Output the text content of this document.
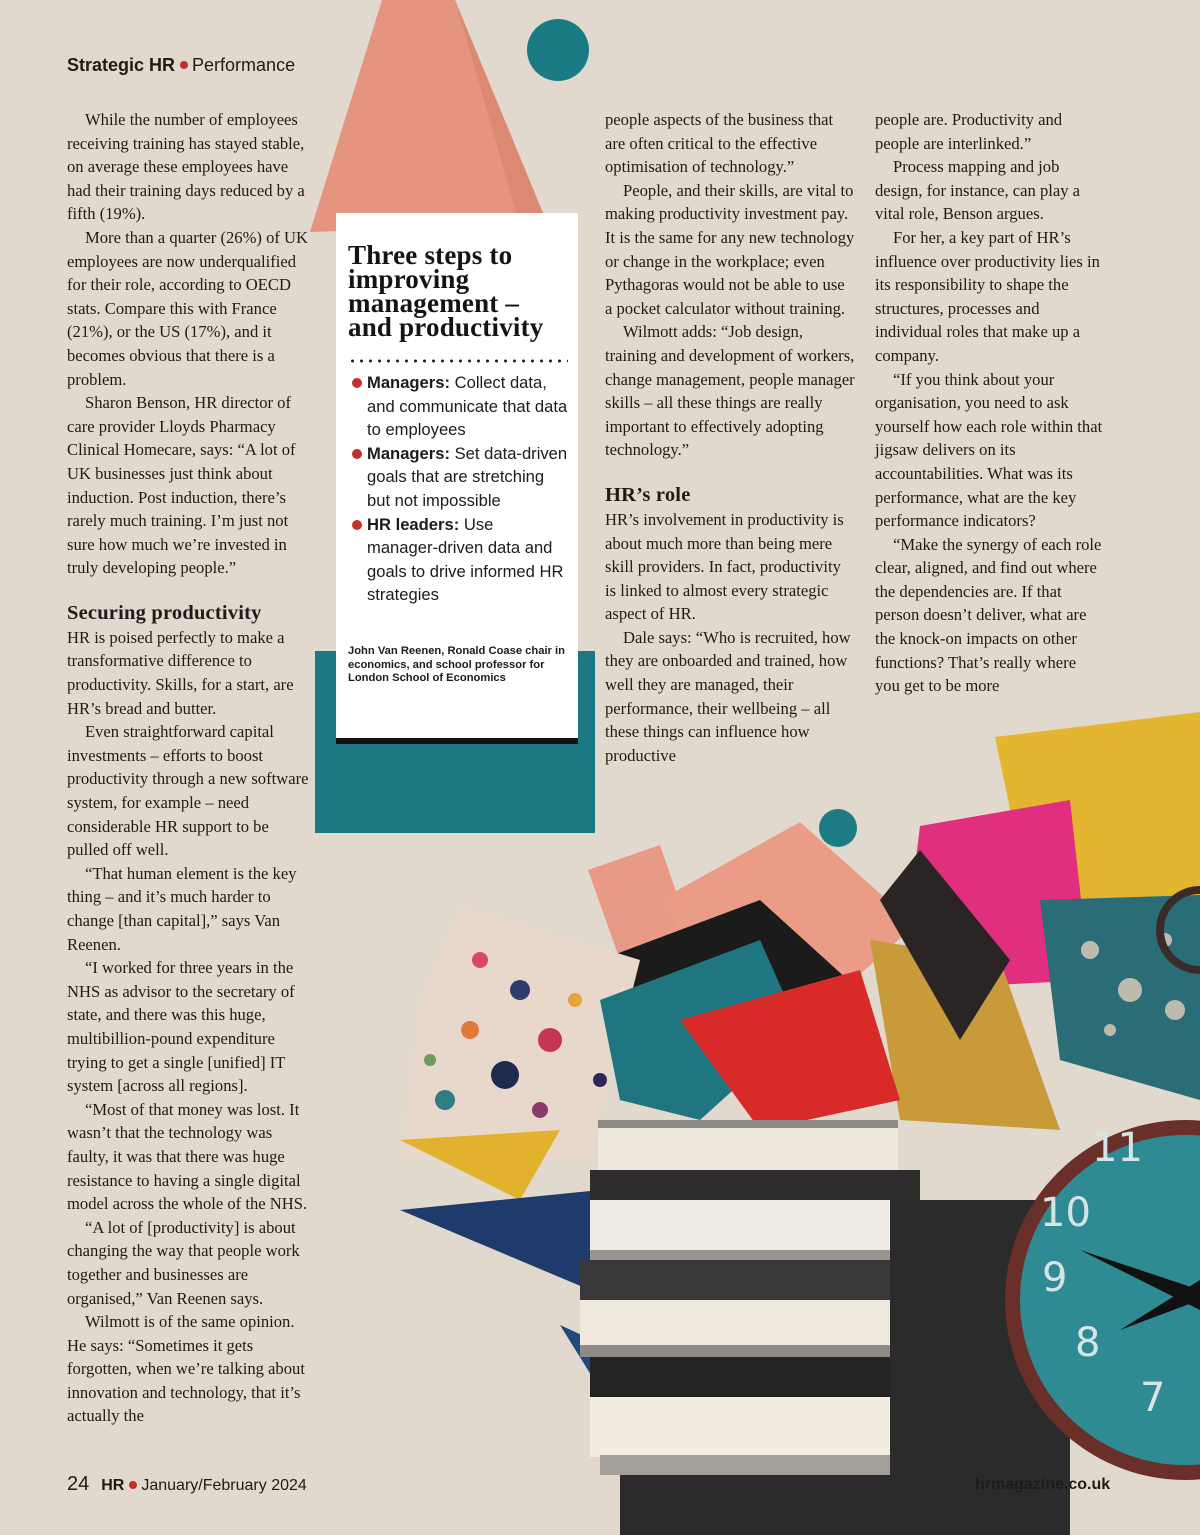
Strategic HR Performance

While the number of employees receiving training has stayed stable, on average these employees have had their training days reduced by a fifth (19%).

More than a quarter (26%) of UK employees are now underqualified for their role, according to OECD stats. Compare this with France (21%), or the US (17%), and it becomes obvious that there is a problem.

Sharon Benson, HR director of care provider Lloyds Pharmacy Clinical Homecare, says: “A lot of UK businesses just think about induction. Post induction, there’s rarely much training. I’m just not sure how much we’re invested in truly developing people.”

Securing productivity

HR is poised perfectly to make a transformative difference to productivity. Skills, for a start, are HR’s bread and butter.

Even straightforward capital investments – efforts to boost productivity through a new software system, for example – need considerable HR support to be pulled off well.

“That human element is the key thing – and it’s much harder to change [than capital],” says Van Reenen.

“I worked for three years in the NHS as advisor to the secretary of state, and there was this huge, multibillion-pound expenditure trying to get a single [unified] IT system [across all regions].

“Most of that money was lost. It wasn’t that the technology was faulty, it was that there was huge resistance to having a single digital model across the whole of the NHS.

“A lot of [productivity] is about changing the way that people work together and businesses are organised,” Van Reenen says.

Wilmott is of the same opinion. He says: “Sometimes it gets forgotten, when we’re talking about innovation and technology, that it’s actually the

Three steps to improving management – and productivity
Managers: Collect data, and communicate that data to employees
Managers: Set data-driven goals that are stretching but not impossible
HR leaders: Use manager-driven data and goals to drive informed HR strategies
John Van Reenen, Ronald Coase chair in economics, and school professor for London School of Economics

people aspects of the business that are often critical to the effective optimisation of technology.”

People, and their skills, are vital to making productivity investment pay. It is the same for any new technology or change in the workplace; even Pythagoras would not be able to use a pocket calculator without training.

Wilmott adds: “Job design, training and development of workers, change management, people manager skills – all these things are really important to effectively adopting technology.”

HR’s role

HR’s involvement in productivity is about much more than being mere skill providers. In fact, productivity is linked to almost every strategic aspect of HR.

Dale says: “Who is recruited, how they are onboarded and trained, how well they are managed, their performance, their wellbeing – all these things can influence how productive

people are. Productivity and people are interlinked.”

Process mapping and job design, for instance, can play a vital role, Benson argues.

For her, a key part of HR’s influence over productivity lies in its responsibility to shape the structures, processes and individual roles that make up a company.

“If you think about your organisation, you need to ask yourself how each role within that jigsaw delivers on its accountabilities. What was its performance, what are the key performance indicators?

“Make the synergy of each role clear, aligned, and find out where the dependencies are. If that person doesn’t deliver, what are the knock-on impacts on other functions? That’s really where you get to be more

11
10
9
8
7
24 HR January/February 2024	hrmagazine.co.uk
